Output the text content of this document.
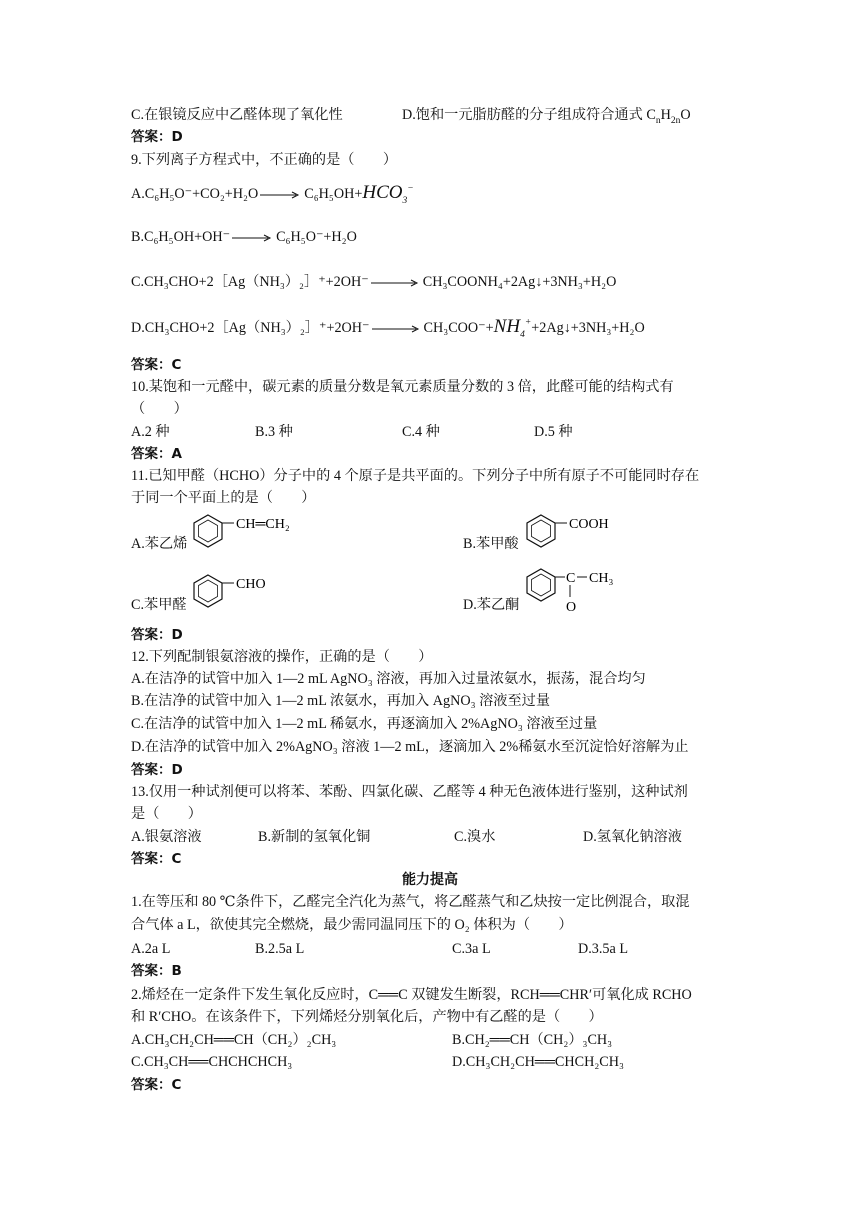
C.在银镜反应中乙醛体现了氧化性	D.饱和一元脂肪醛的分子组成符合通式 $C_nH_{2n}O$
答案：D
9.下列离子方程式中，不正确的是（　　）
$A.C_6H_5O^-+CO_2+H_2O \to C_6H_5OH+HCO_3^-$
B.C₆H₅OH+OH⁻ → C₆H₅O⁻+H₂O
C.CH₃CHO+2［Ag（NH₃）₂］⁺+2OH⁻ → CH₃COONH₄+2Ag↓+3NH₃+H₂O
D.CH₃CHO+2［Ag（NH₃）₂］⁺+2OH⁻ → $CH_3COO^-+NH_4^++2Ag↓+3NH_3+H_2O$
答案：C
10.某饱和一元醛中，碳元素的质量分数是氧元素质量分数的 3 倍，此醛可能的结构式有
（　　）
A.2 种	B.3 种	C.4 种	D.5 种
答案：A
11.已知甲醛（HCHO）分子中的 4 个原子是共平面的。下列分子中所有原子不可能同时存在
于同一个平面上的是（　　）
A.苯乙烯
CH═CH₂
B.苯甲酸
COOH
C.苯甲醛
CHO
D.苯乙酮
C CH₃
O
答案：D
12.下列配制银氨溶液的操作，正确的是（　　）
A.在洁净的试管中加入 1—2 mL AgNO₃ 溶液，再加入过量浓氨水，振荡，混合均匀
B.在洁净的试管中加入 1—2 mL 浓氨水，再加入 AgNO₃ 溶液至过量
C.在洁净的试管中加入 1—2 mL 稀氨水，再逐滴加入 2%AgNO₃ 溶液至过量
D.在洁净的试管中加入 2%AgNO₃ 溶液 1—2 mL，逐滴加入 2%稀氨水至沉淀恰好溶解为止
答案：D
13.仅用一种试剂便可以将苯、苯酚、四氯化碳、乙醛等 4 种无色液体进行鉴别，这种试剂
是（　　）
A.银氨溶液	B.新制的氢氧化铜	C.溴水	D.氢氧化钠溶液
答案：C
能力提高
1.在等压和 80 ℃条件下，乙醛完全汽化为蒸气，将乙醛蒸气和乙炔按一定比例混合，取混
合气体 a L，欲使其完全燃烧，最少需同温同压下的 O₂ 体积为（　　）
A.2a L	B.2.5a L	C.3a L	D.3.5a L
答案：B
2.烯烃在一定条件下发生氧化反应时，C══C 双键发生断裂，RCH══CHR′可氧化成 RCHO
和 R′CHO。在该条件下，下列烯烃分别氧化后，产物中有乙醛的是（　　）
A.CH₃CH₂CH══CH（CH₂）₂CH₃	B.CH₂══CH（CH₂）₃CH₃
C.CH₃CH══CHCHCHCH₃	D.CH₃CH₂CH══CHCH₂CH₃
答案：C
